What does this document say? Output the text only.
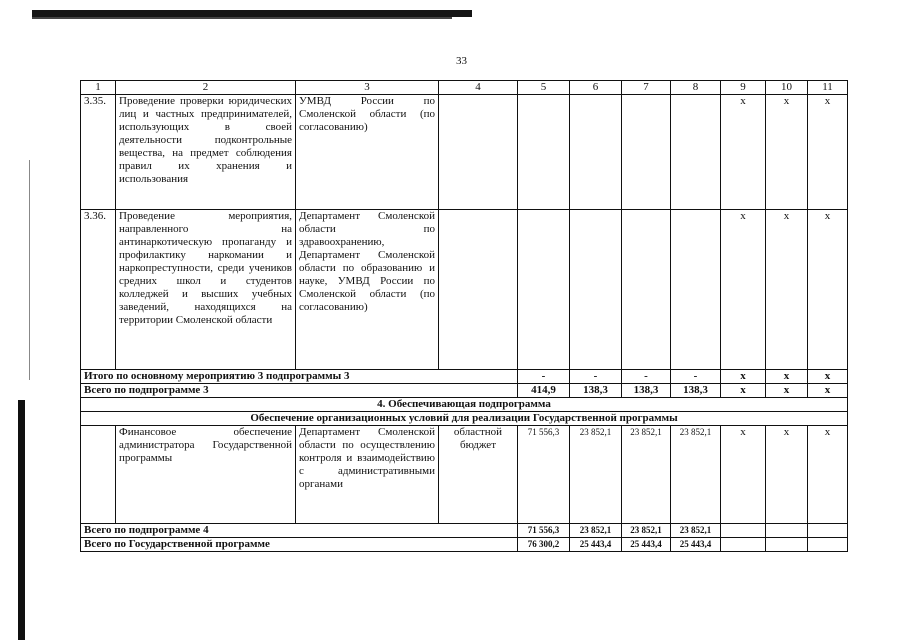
33
1	2	3	4	5	6	7	8	9	10	11
3.35.	Проведение проверки юридических лиц и частных предпринимателей, использующих в своей деятельности подконтрольные вещества, на предмет соблюдения правил их хранения и использования	УМВД России по Смоленской области (по согласованию)						х	х	х
3.36.	Проведение мероприятия, направленного на антинаркотическую пропаганду и профилактику наркомании и наркопреступности, среди учеников средних школ и студентов колледжей и высших учебных заведений, находящихся на территории Смоленской области	Департамент Смоленской области по здравоохранению, Департамент Смоленской области по образованию и науке, УМВД России по Смоленской области (по согласованию)						х	х	х
Итого по основному мероприятию 3 подпрограммы 3				-	-	-	-	х	х	х
Всего по подпрограмме 3				414,9	138,3	138,3	138,3	х	х	х
4. Обеспечивающая подпрограмма										
Обеспечение организационных условий для реализации Государственной программы										
	Финансовое обеспечение администратора Государственной программы	Департамент Смоленской области по осуществлению контроля и взаимодействию с административными органами	областной бюджет	71 556,3	23 852,1	23 852,1	23 852,1	х	х	х
Всего по подпрограмме 4				71 556,3	23 852,1	23 852,1	23 852,1			
Всего по Государственной программе				76 300,2	25 443,4	25 443,4	25 443,4			
